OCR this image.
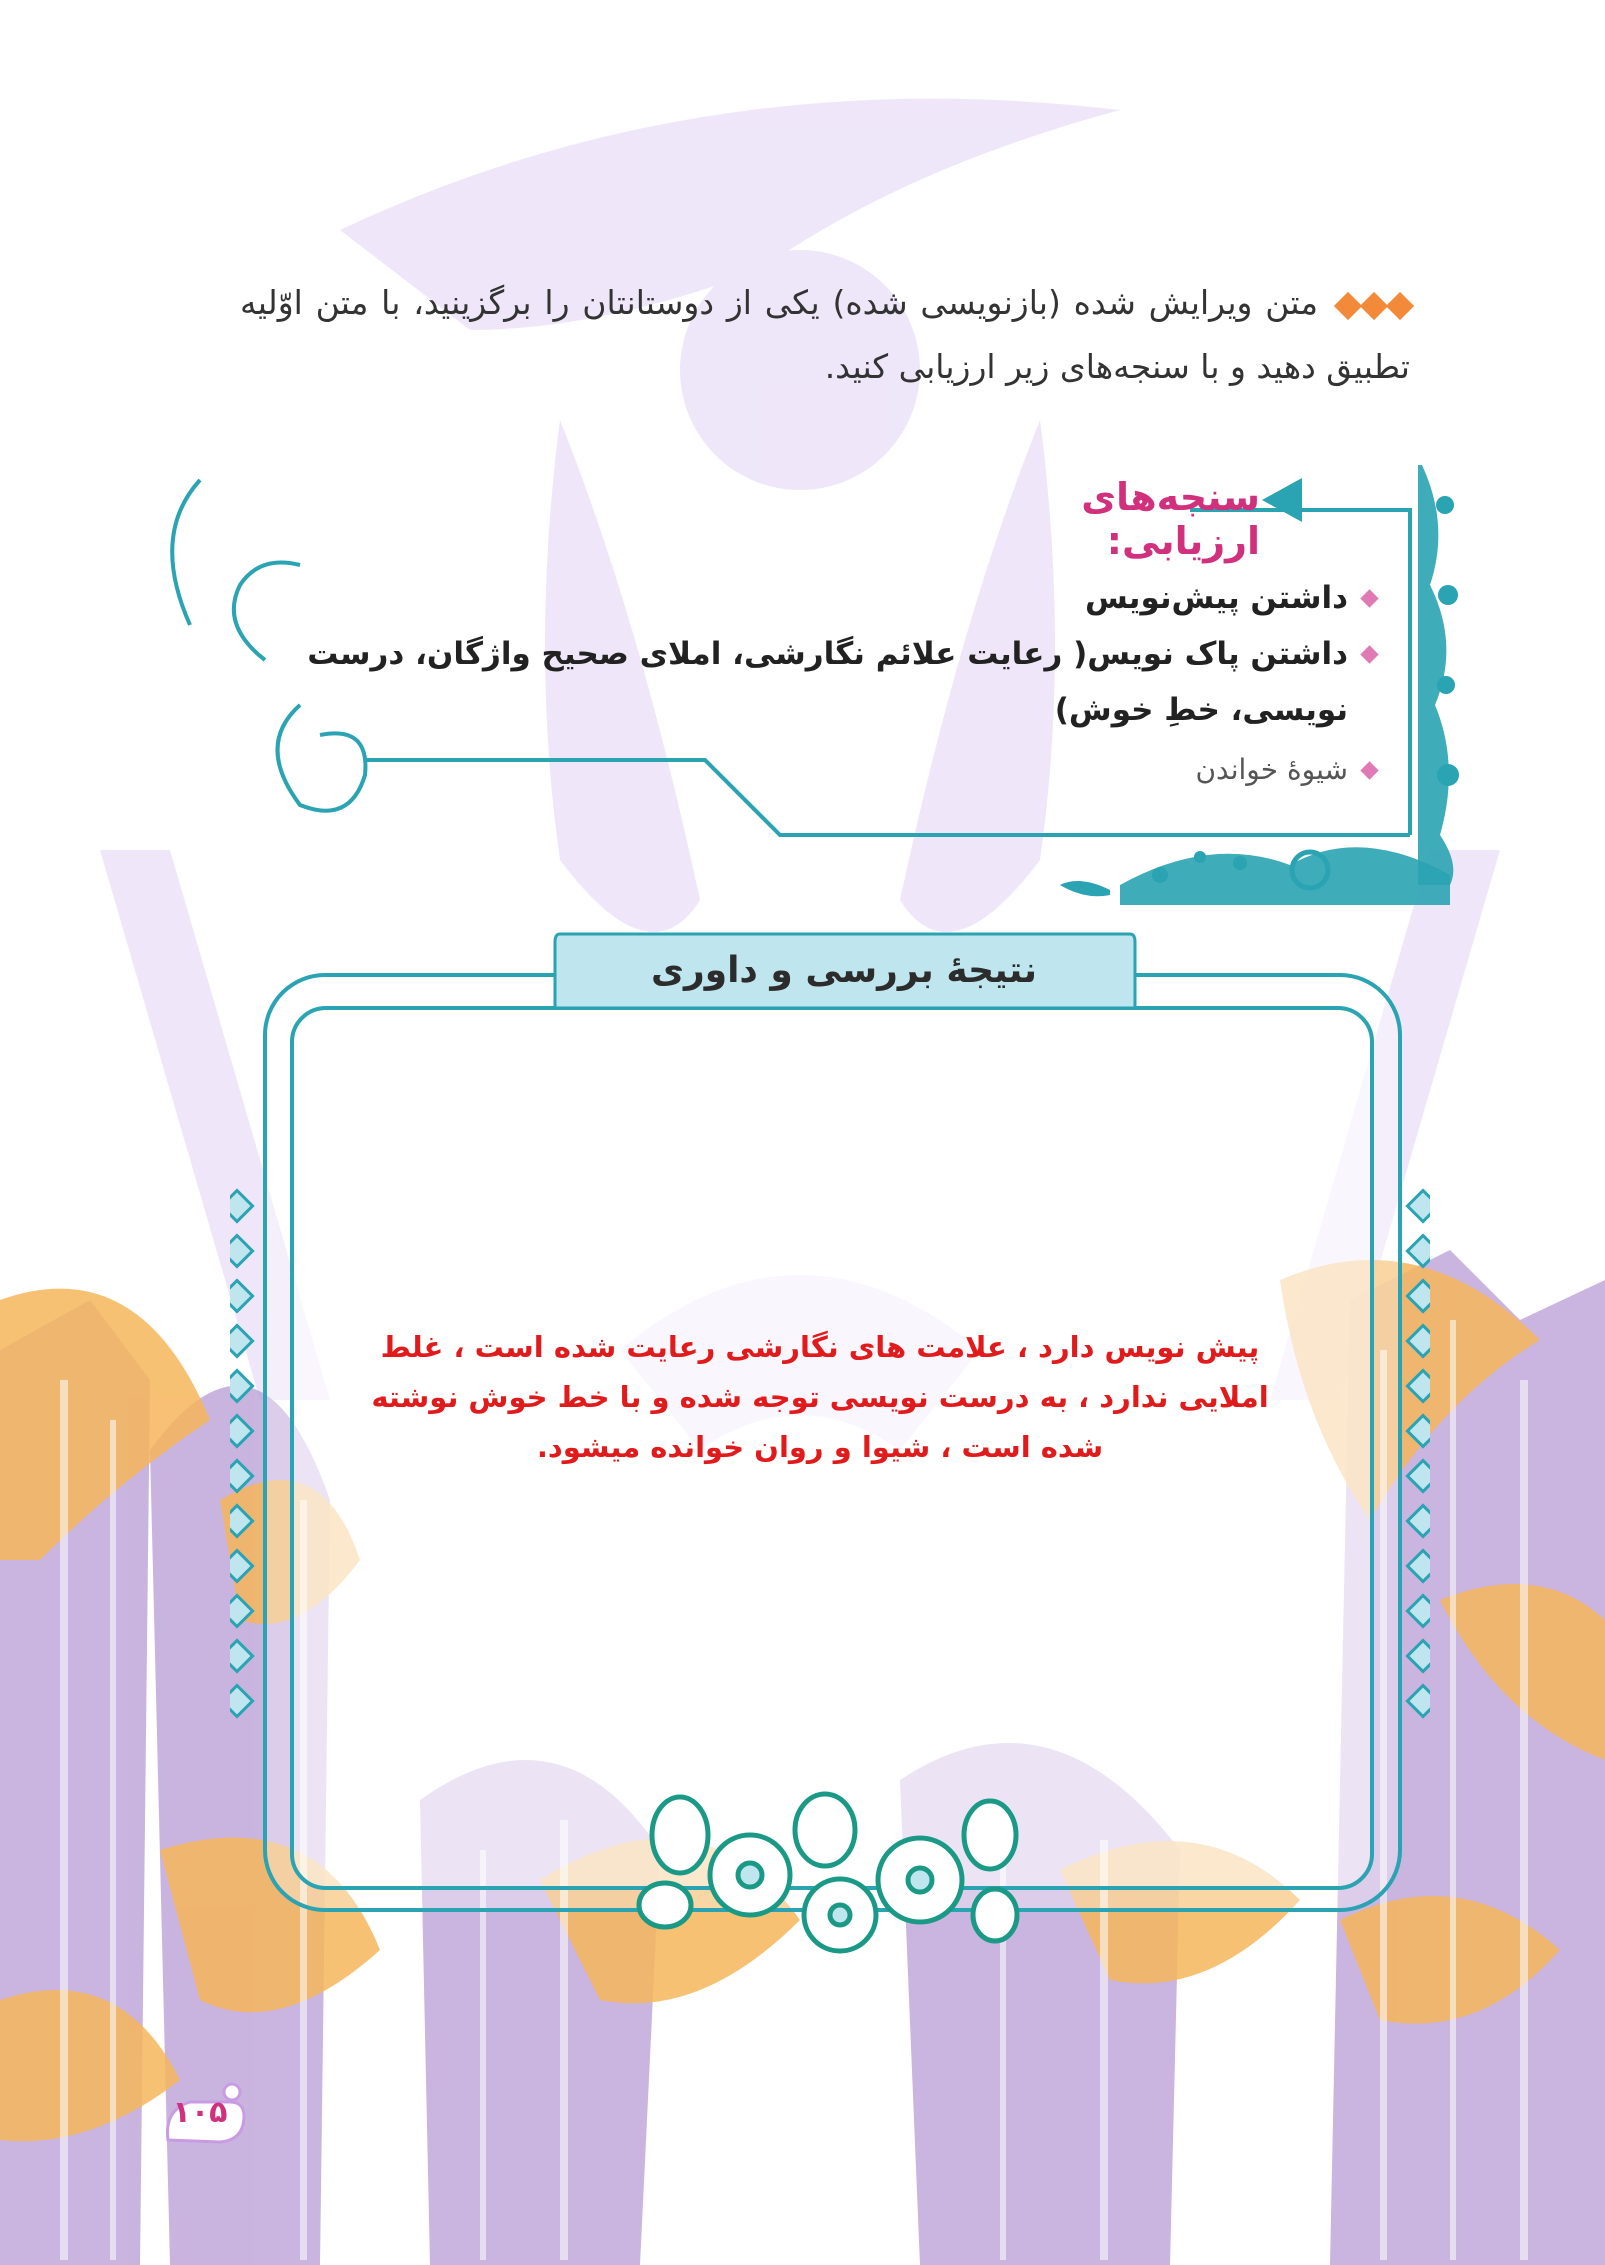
متن ویرایش شده (بازنویسی شده) یکی از دوستانتان را برگزینید، با متن اوّلیه تطبیق دهید و با سنجه‌های زیر ارزیابی کنید.
سنجه‌های ارزیابی:
داشتن پیش‌نویس
داشتن پاک نویس( رعایت علائم نگارشی، املای صحیح واژگان، درست نویسی، خطِ خوش)
شیوۀ خواندن
نتیجۀ بررسی و داوری
پیش نویس دارد ، علامت های نگارشی رعایت شده است ، غلط املایی ندارد ، به درست نویسی توجه شده و با خط خوش نوشته شده است ، شیوا و روان خوانده میشود.
۱۰۵
